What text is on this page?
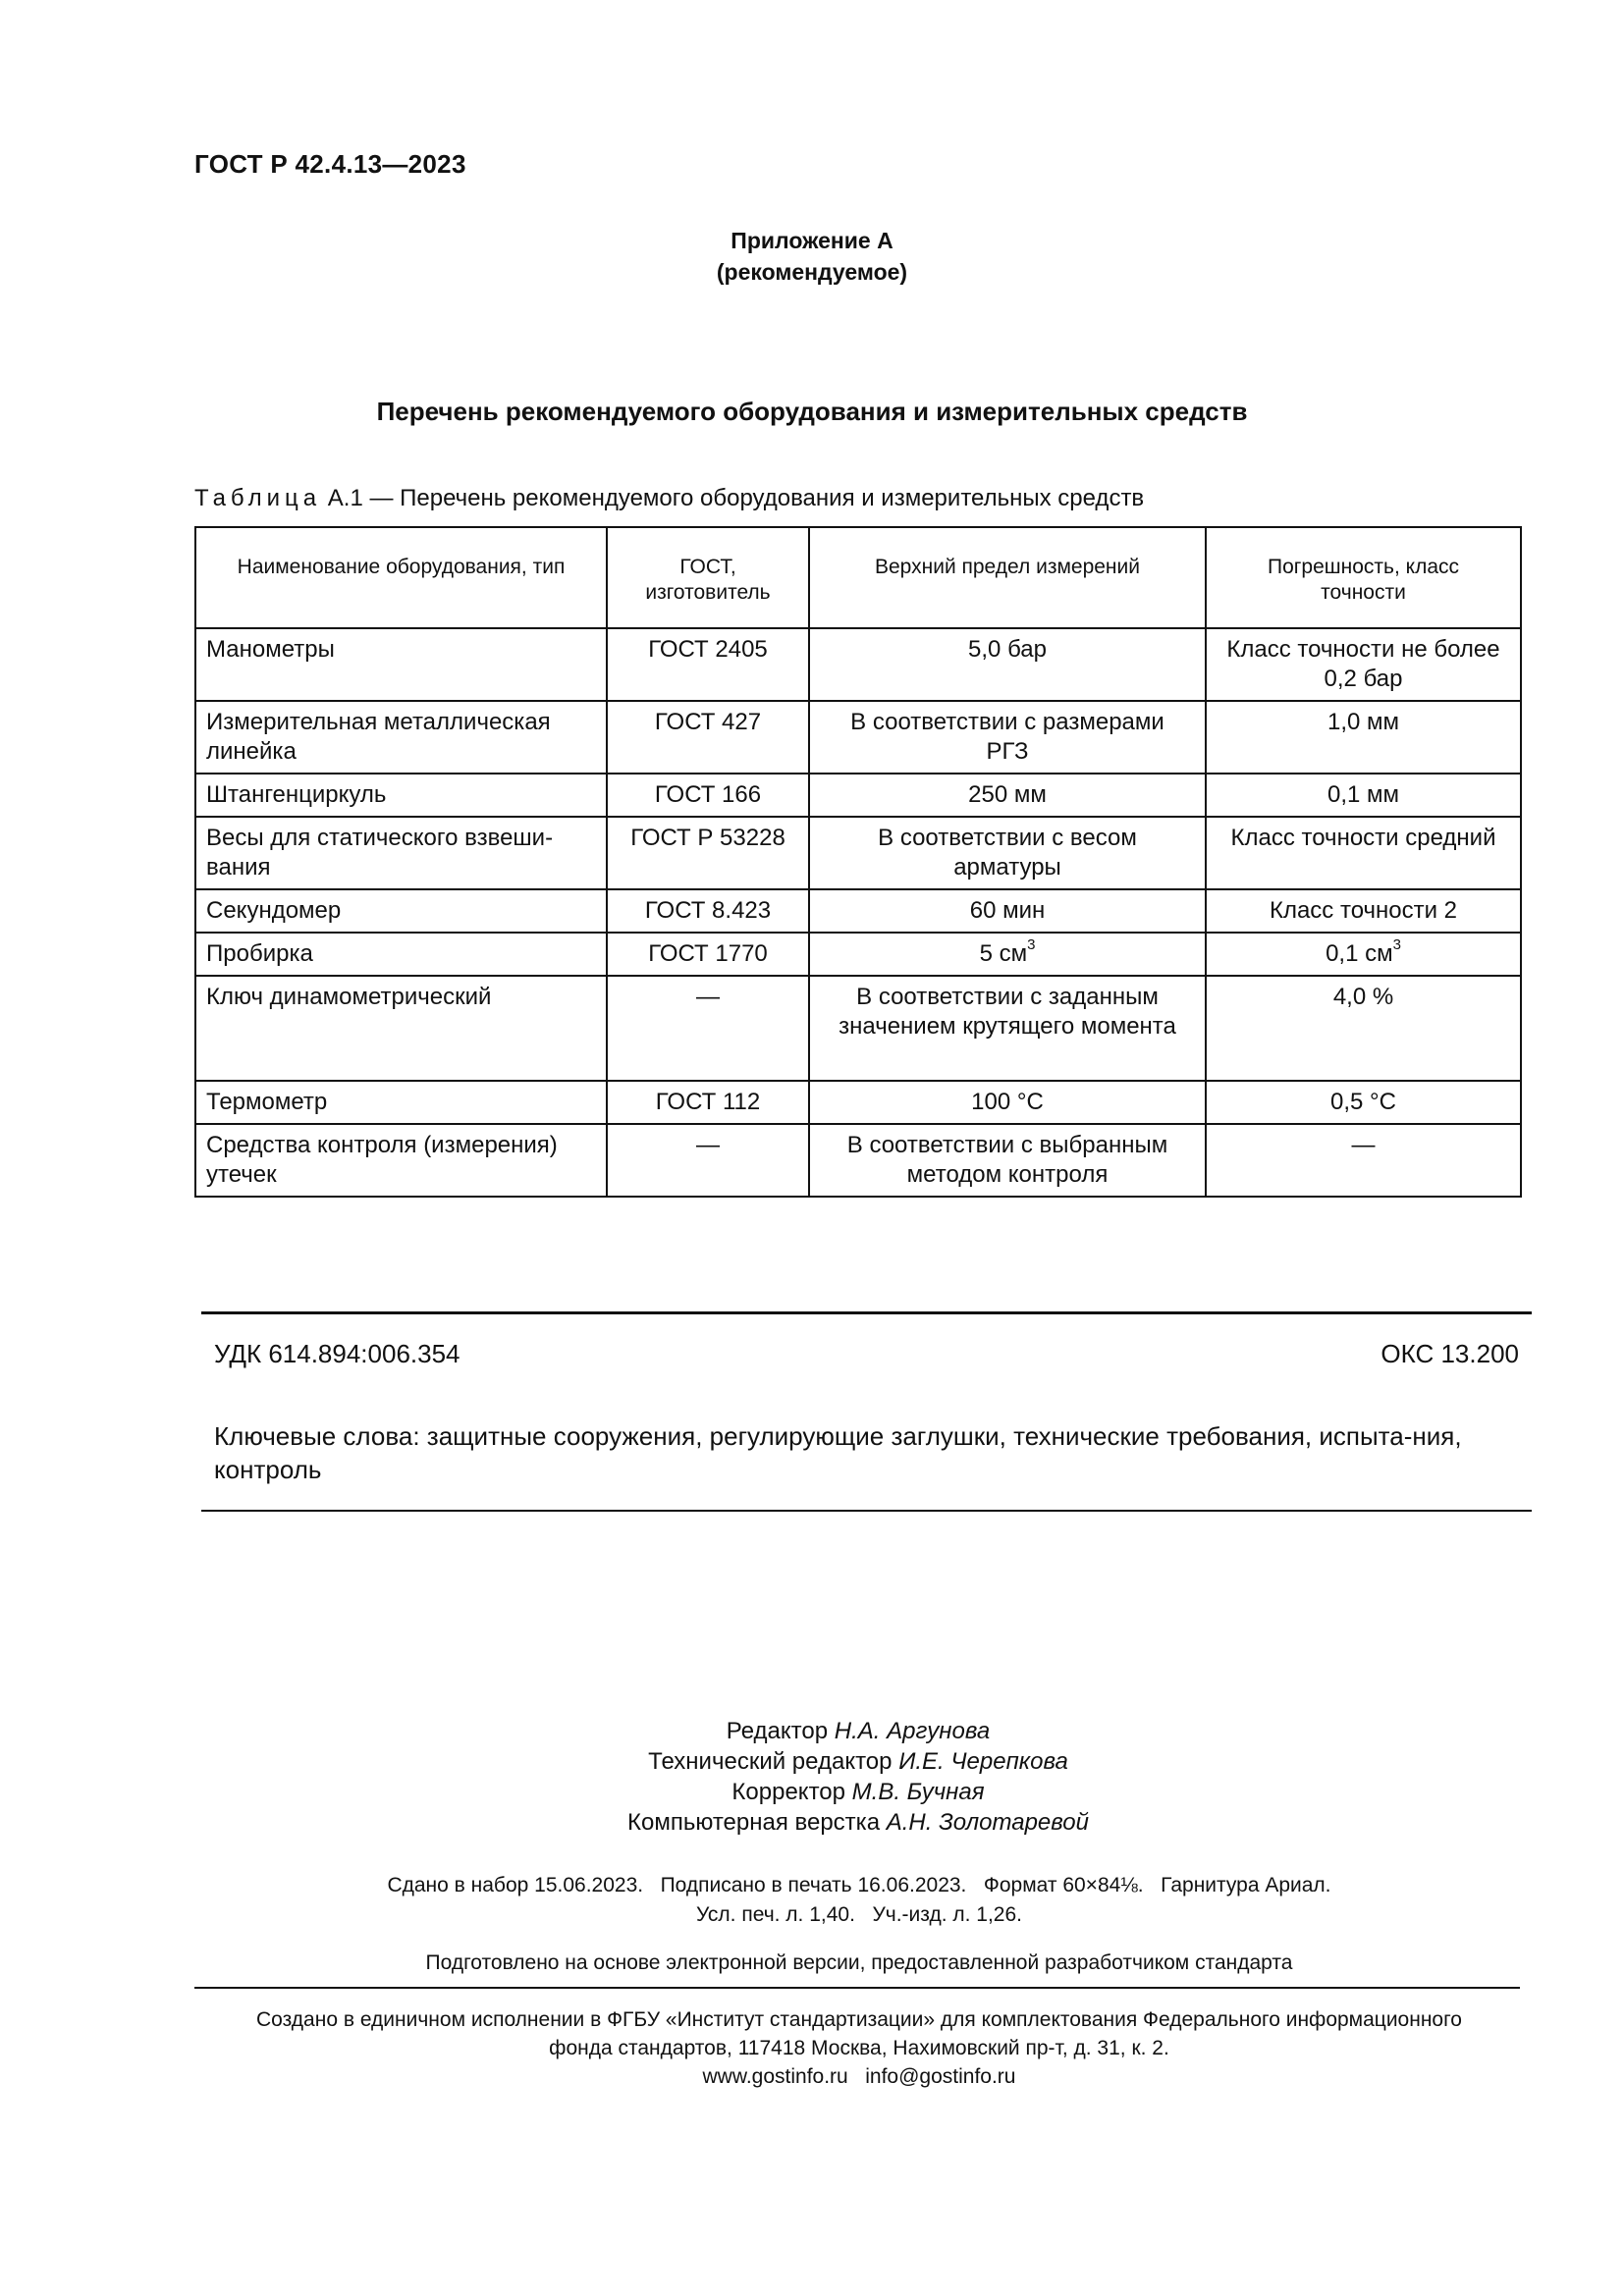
ГОСТ Р 42.4.13—2023
Приложение А
(рекомендуемое)
Перечень рекомендуемого оборудования и измерительных средств
Таблица А.1 — Перечень рекомендуемого оборудования и измерительных средств
Наименование оборудования, тип	ГОСТ, изготовитель	Верхний предел измерений	Погрешность, класс точности
Манометры	ГОСТ 2405	5,0 бар	Класс точности не более 0,2 бар
Измерительная металлическая линейка	ГОСТ 427	В соответствии с размерами РГЗ	1,0 мм
Штангенциркуль	ГОСТ 166	250 мм	0,1 мм
Весы для статического взвеши-вания	ГОСТ Р 53228	В соответствии с весом арматуры	Класс точности средний
Секундомер	ГОСТ 8.423	60 мин	Класс точности 2
Пробирка	ГОСТ 1770	5 $см^3$	0,1 $см^3$
Ключ динамометрический	—	В соответствии с заданным значением крутящего момента	4,0 %
Термометр	ГОСТ 112	100 °C	0,5 °C
Средства контроля (измерения) утечек	—	В соответствии с выбранным методом контроля	—
УДК 614.894:006.354	ОКС 13.200
Ключевые слова: защитные сооружения, регулирующие заглушки, технические требования, испыта-ния, контроль
Редактор Н.А. Аргунова
Технический редактор И.Е. Черепкова
Корректор М.В. Бучная
Компьютерная верстка А.Н. Золотаревой
Сдано в набор 15.06.2023.   Подписано в печать 16.06.2023.   Формат 60×84⅛.   Гарнитура Ариал.
Усл. печ. л. 1,40.   Уч.-изд. л. 1,26.
Подготовлено на основе электронной версии, предоставленной разработчиком стандарта
Создано в единичном исполнении в ФГБУ «Институт стандартизации» для комплектования Федерального информационного
фонда стандартов, 117418 Москва, Нахимовский пр-т, д. 31, к. 2.
www.gostinfo.ru info@gostinfo.ru
